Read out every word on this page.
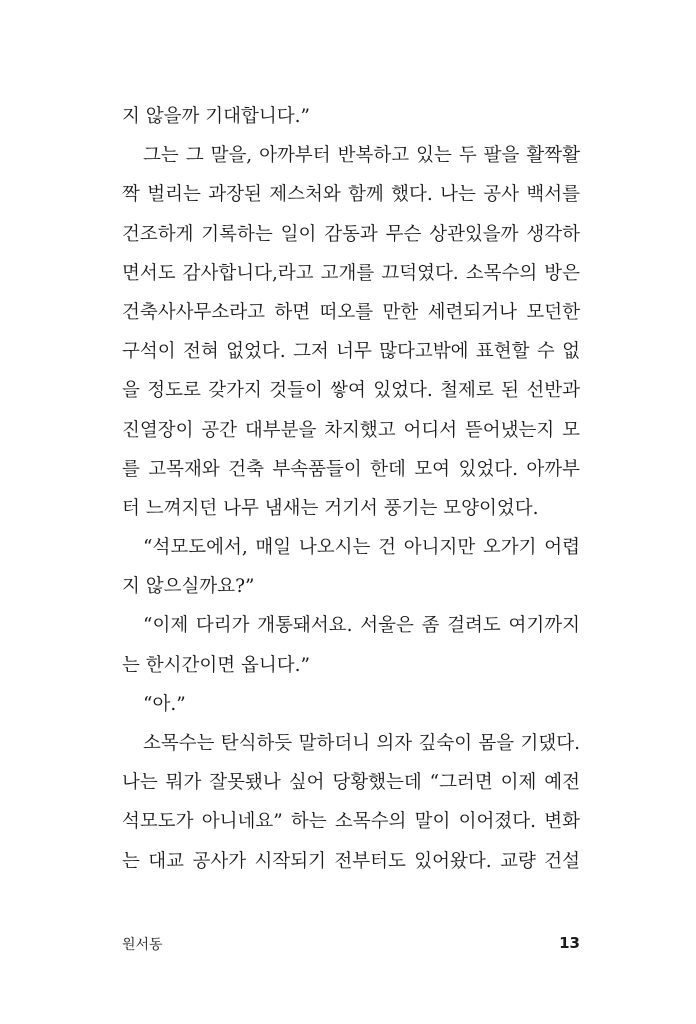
지 않을까 기대합니다.”
그는 그 말을, 아까부터 반복하고 있는 두 팔을 활짝활
짝 벌리는 과장된 제스처와 함께 했다. 나는 공사 백서를
건조하게 기록하는 일이 감동과 무슨 상관있을까 생각하
면서도 감사합니다,라고 고개를 끄덕였다. 소목수의 방은
건축사사무소라고 하면 떠오를 만한 세련되거나 모던한
구석이 전혀 없었다. 그저 너무 많다고밖에 표현할 수 없
을 정도로 갖가지 것들이 쌓여 있었다. 철제로 된 선반과
진열장이 공간 대부분을 차지했고 어디서 뜯어냈는지 모
를 고목재와 건축 부속품들이 한데 모여 있었다. 아까부
터 느껴지던 나무 냄새는 거기서 풍기는 모양이었다.
“석모도에서, 매일 나오시는 건 아니지만 오가기 어렵
지 않으실까요?”
“이제 다리가 개통돼서요. 서울은 좀 걸려도 여기까지
는 한시간이면 옵니다.”
“아.”
소목수는 탄식하듯 말하더니 의자 깊숙이 몸을 기댔다.
나는 뭐가 잘못됐나 싶어 당황했는데 “그러면 이제 예전
석모도가 아니네요” 하는 소목수의 말이 이어졌다. 변화
는 대교 공사가 시작되기 전부터도 있어왔다. 교량 건설
원서동	13
